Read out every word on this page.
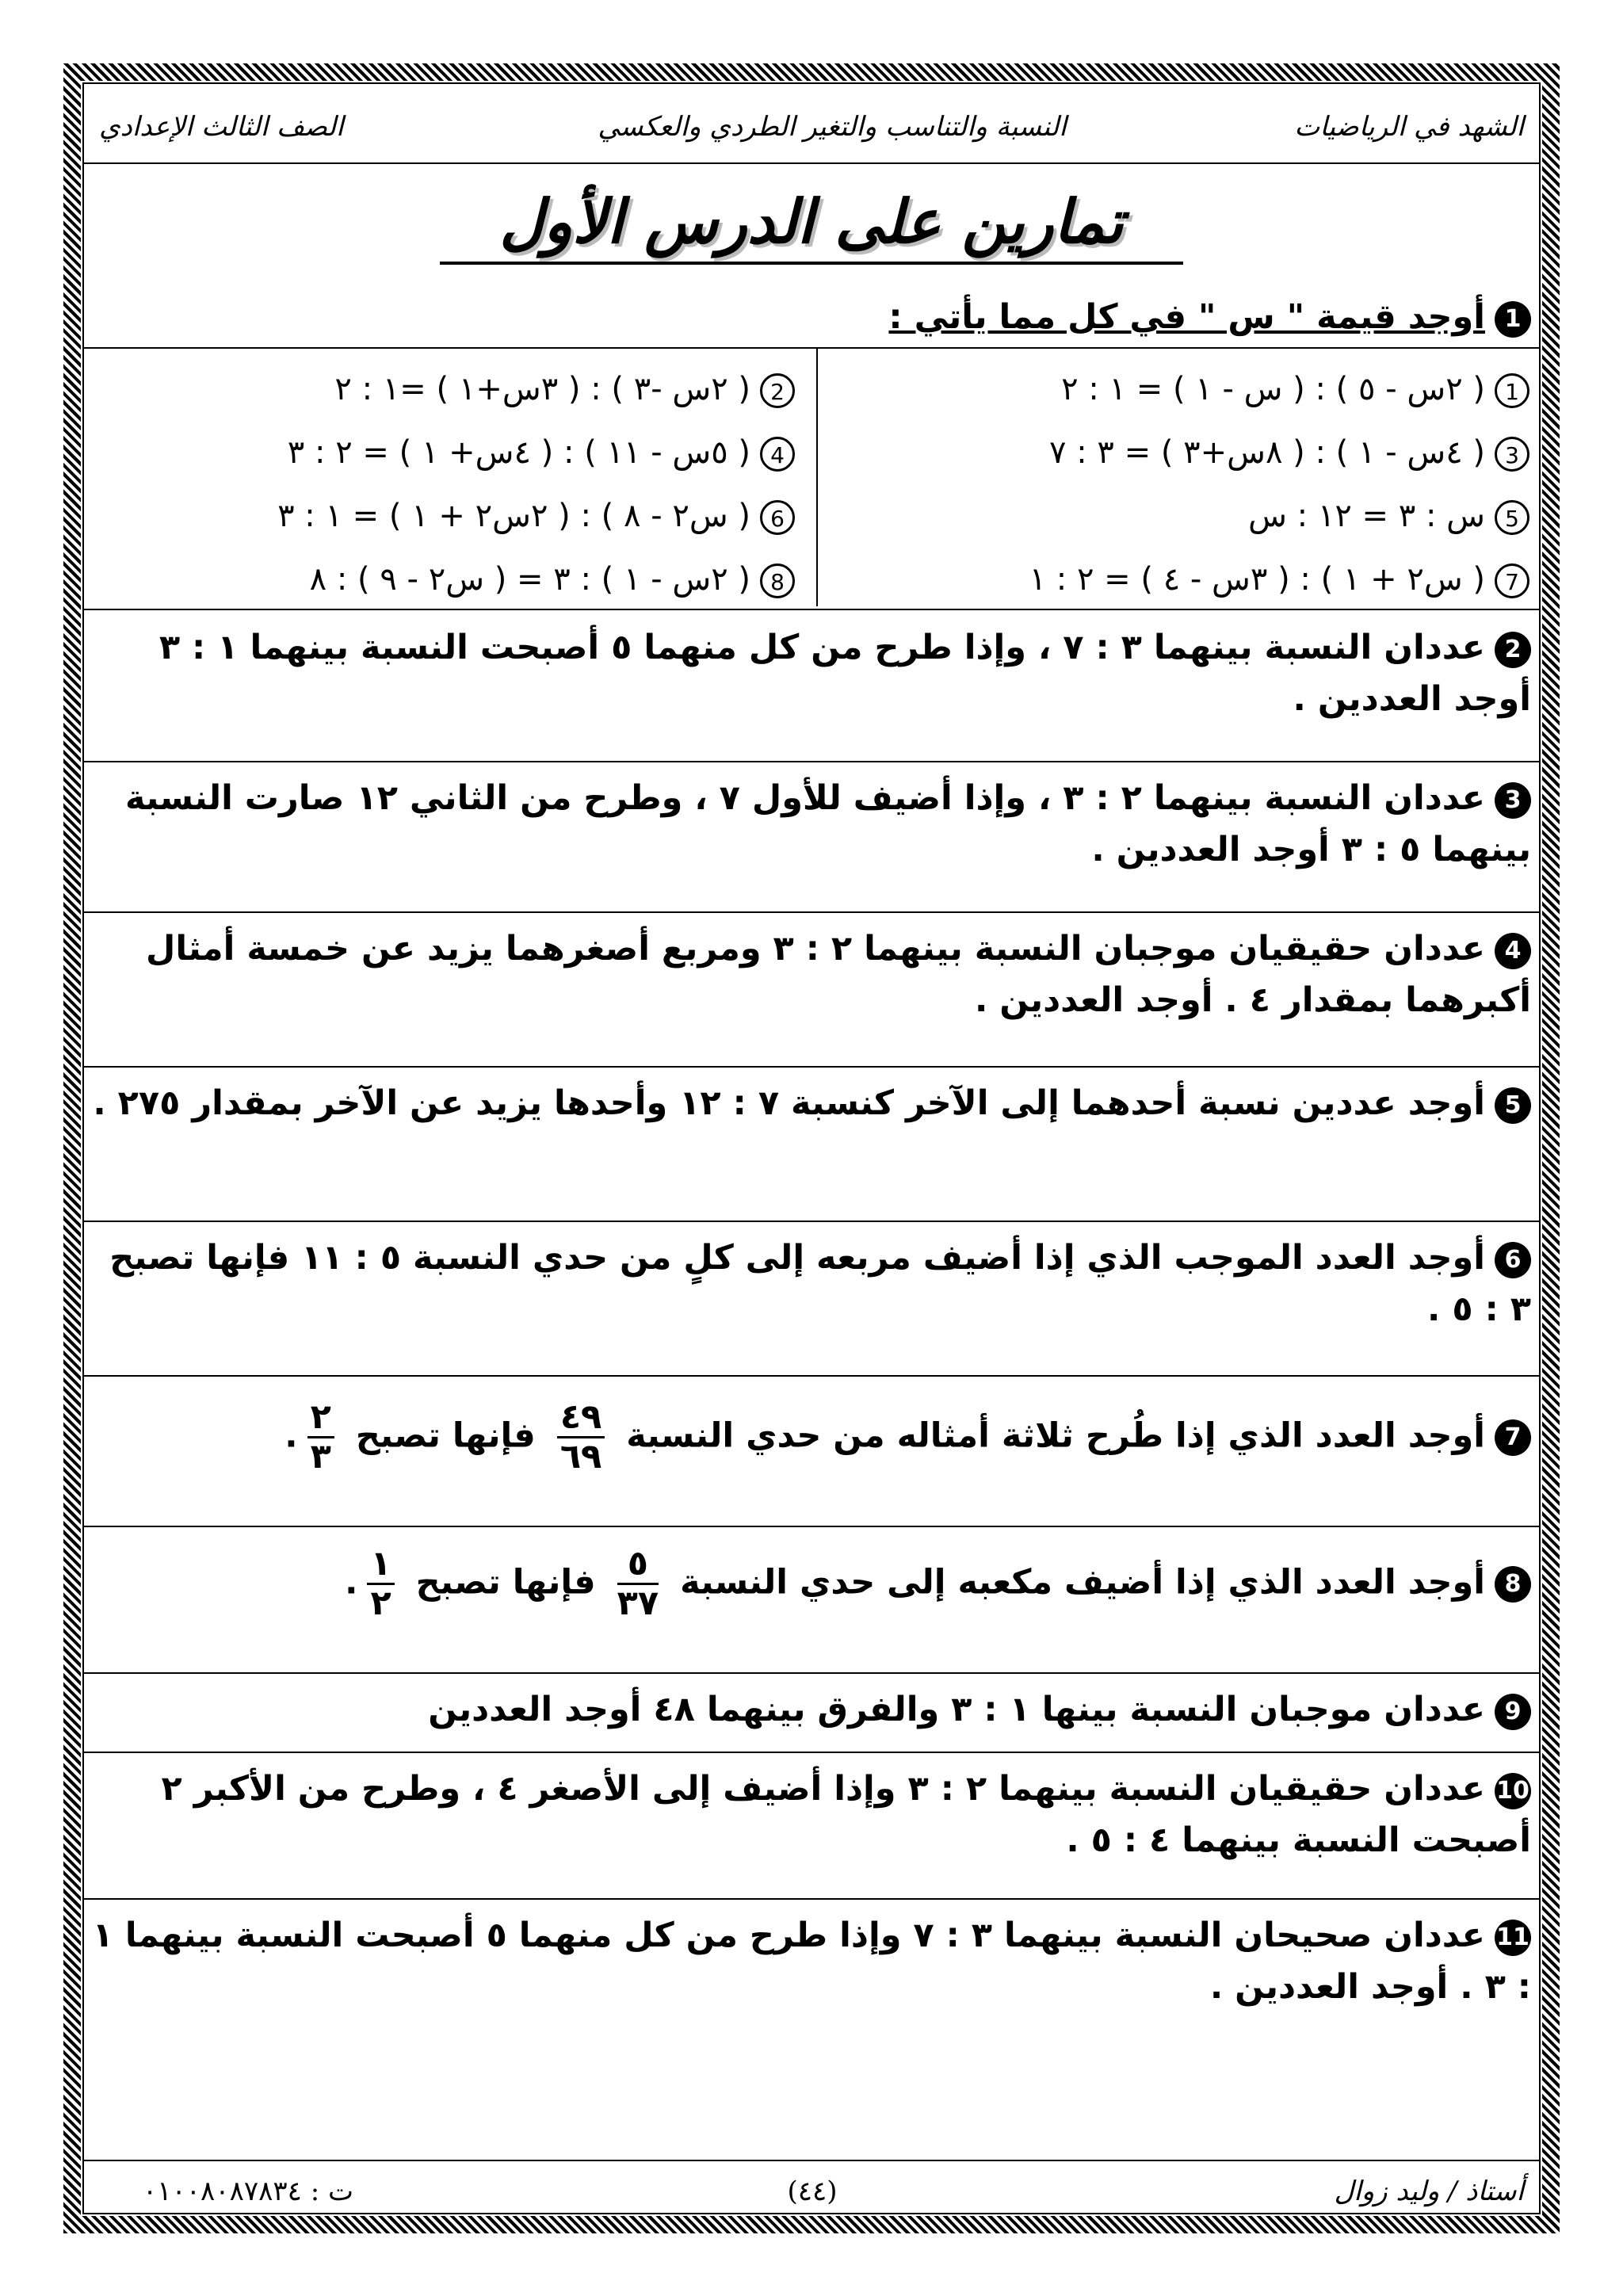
الشهد في الرياضيات
النسبة والتناسب والتغير الطردي والعكسي
الصف الثالث الإعدادي
تمارين على الدرس الأول
1أوجد قيمة " س " في كل مما يأتي :
1( ٢س - ٥ ) : ( س - ١ ) = ١ : ٢
2( ٢س -٣ ) : ( ٣س+١ ) =١ : ٢
3( ٤س - ١ ) : ( ٨س+٣ ) = ٣ : ٧
4( ٥س - ١١ ) : ( ٤س+ ١ ) = ٢ : ٣
5س : ٣ = ١٢ : س
6( س٢ - ٨ ) : ( ٢س٢ + ١ ) = ١ : ٣
7( س٢ + ١ ) : ( ٣س - ٤ ) = ٢ : ١
8( ٢س - ١ ) : ٣ = ( س٢ - ٩ ) : ٨
2عددان النسبة بينهما ٣ : ٧ ، وإذا طرح من كل منهما ٥ أصبحت النسبة بينهما ١ : ٣ أوجد العددين .
3عددان النسبة بينهما ٢ : ٣ ، وإذا أضيف للأول ٧ ، وطرح من الثاني ١٢ صارت النسبة بينهما ٥ : ٣ أوجد العددين .
4عددان حقيقيان موجبان النسبة بينهما ٢ : ٣ ومربع أصغرهما يزيد عن خمسة أمثال أكبرهما بمقدار ٤ . أوجد العددين .
5أوجد عددين نسبة أحدهما إلى الآخر كنسبة ٧ : ١٢ وأحدها يزيد عن الآخر بمقدار ٢٧٥ .
6أوجد العدد الموجب الذي إذا أضيف مربعه إلى كلٍ من حدي النسبة ٥ : ١١ فإنها تصبح ٣ : ٥ .
7أوجد العدد الذي إذا طُرح ثلاثة أمثاله من حدي النسبة
$\frac{٤٩}{٦٩}$
فإنها تصبح
$\frac{٢}{٣}$
.
8أوجد العدد الذي إذا أضيف مكعبه إلى حدي النسبة
$\frac{٥}{٣٧}$
فإنها تصبح
$\frac{١}{٢}$
.
9عددان موجبان النسبة بينها ١ : ٣ والفرق بينهما ٤٨ أوجد العددين
10عددان حقيقيان النسبة بينهما ٢ : ٣ وإذا أضيف إلى الأصغر ٤ ، وطرح من الأكبر ٢ أصبحت النسبة بينهما ٤ : ٥ .
11عددان صحيحان النسبة بينهما ٣ : ٧ وإذا طرح من كل منهما ٥ أصبحت النسبة بينهما ١ : ٣ . أوجد العددين .
أستاذ / وليد زوال
(٤٤)
ت : ٠١٠٠٨٠٨٧٨٣٤
